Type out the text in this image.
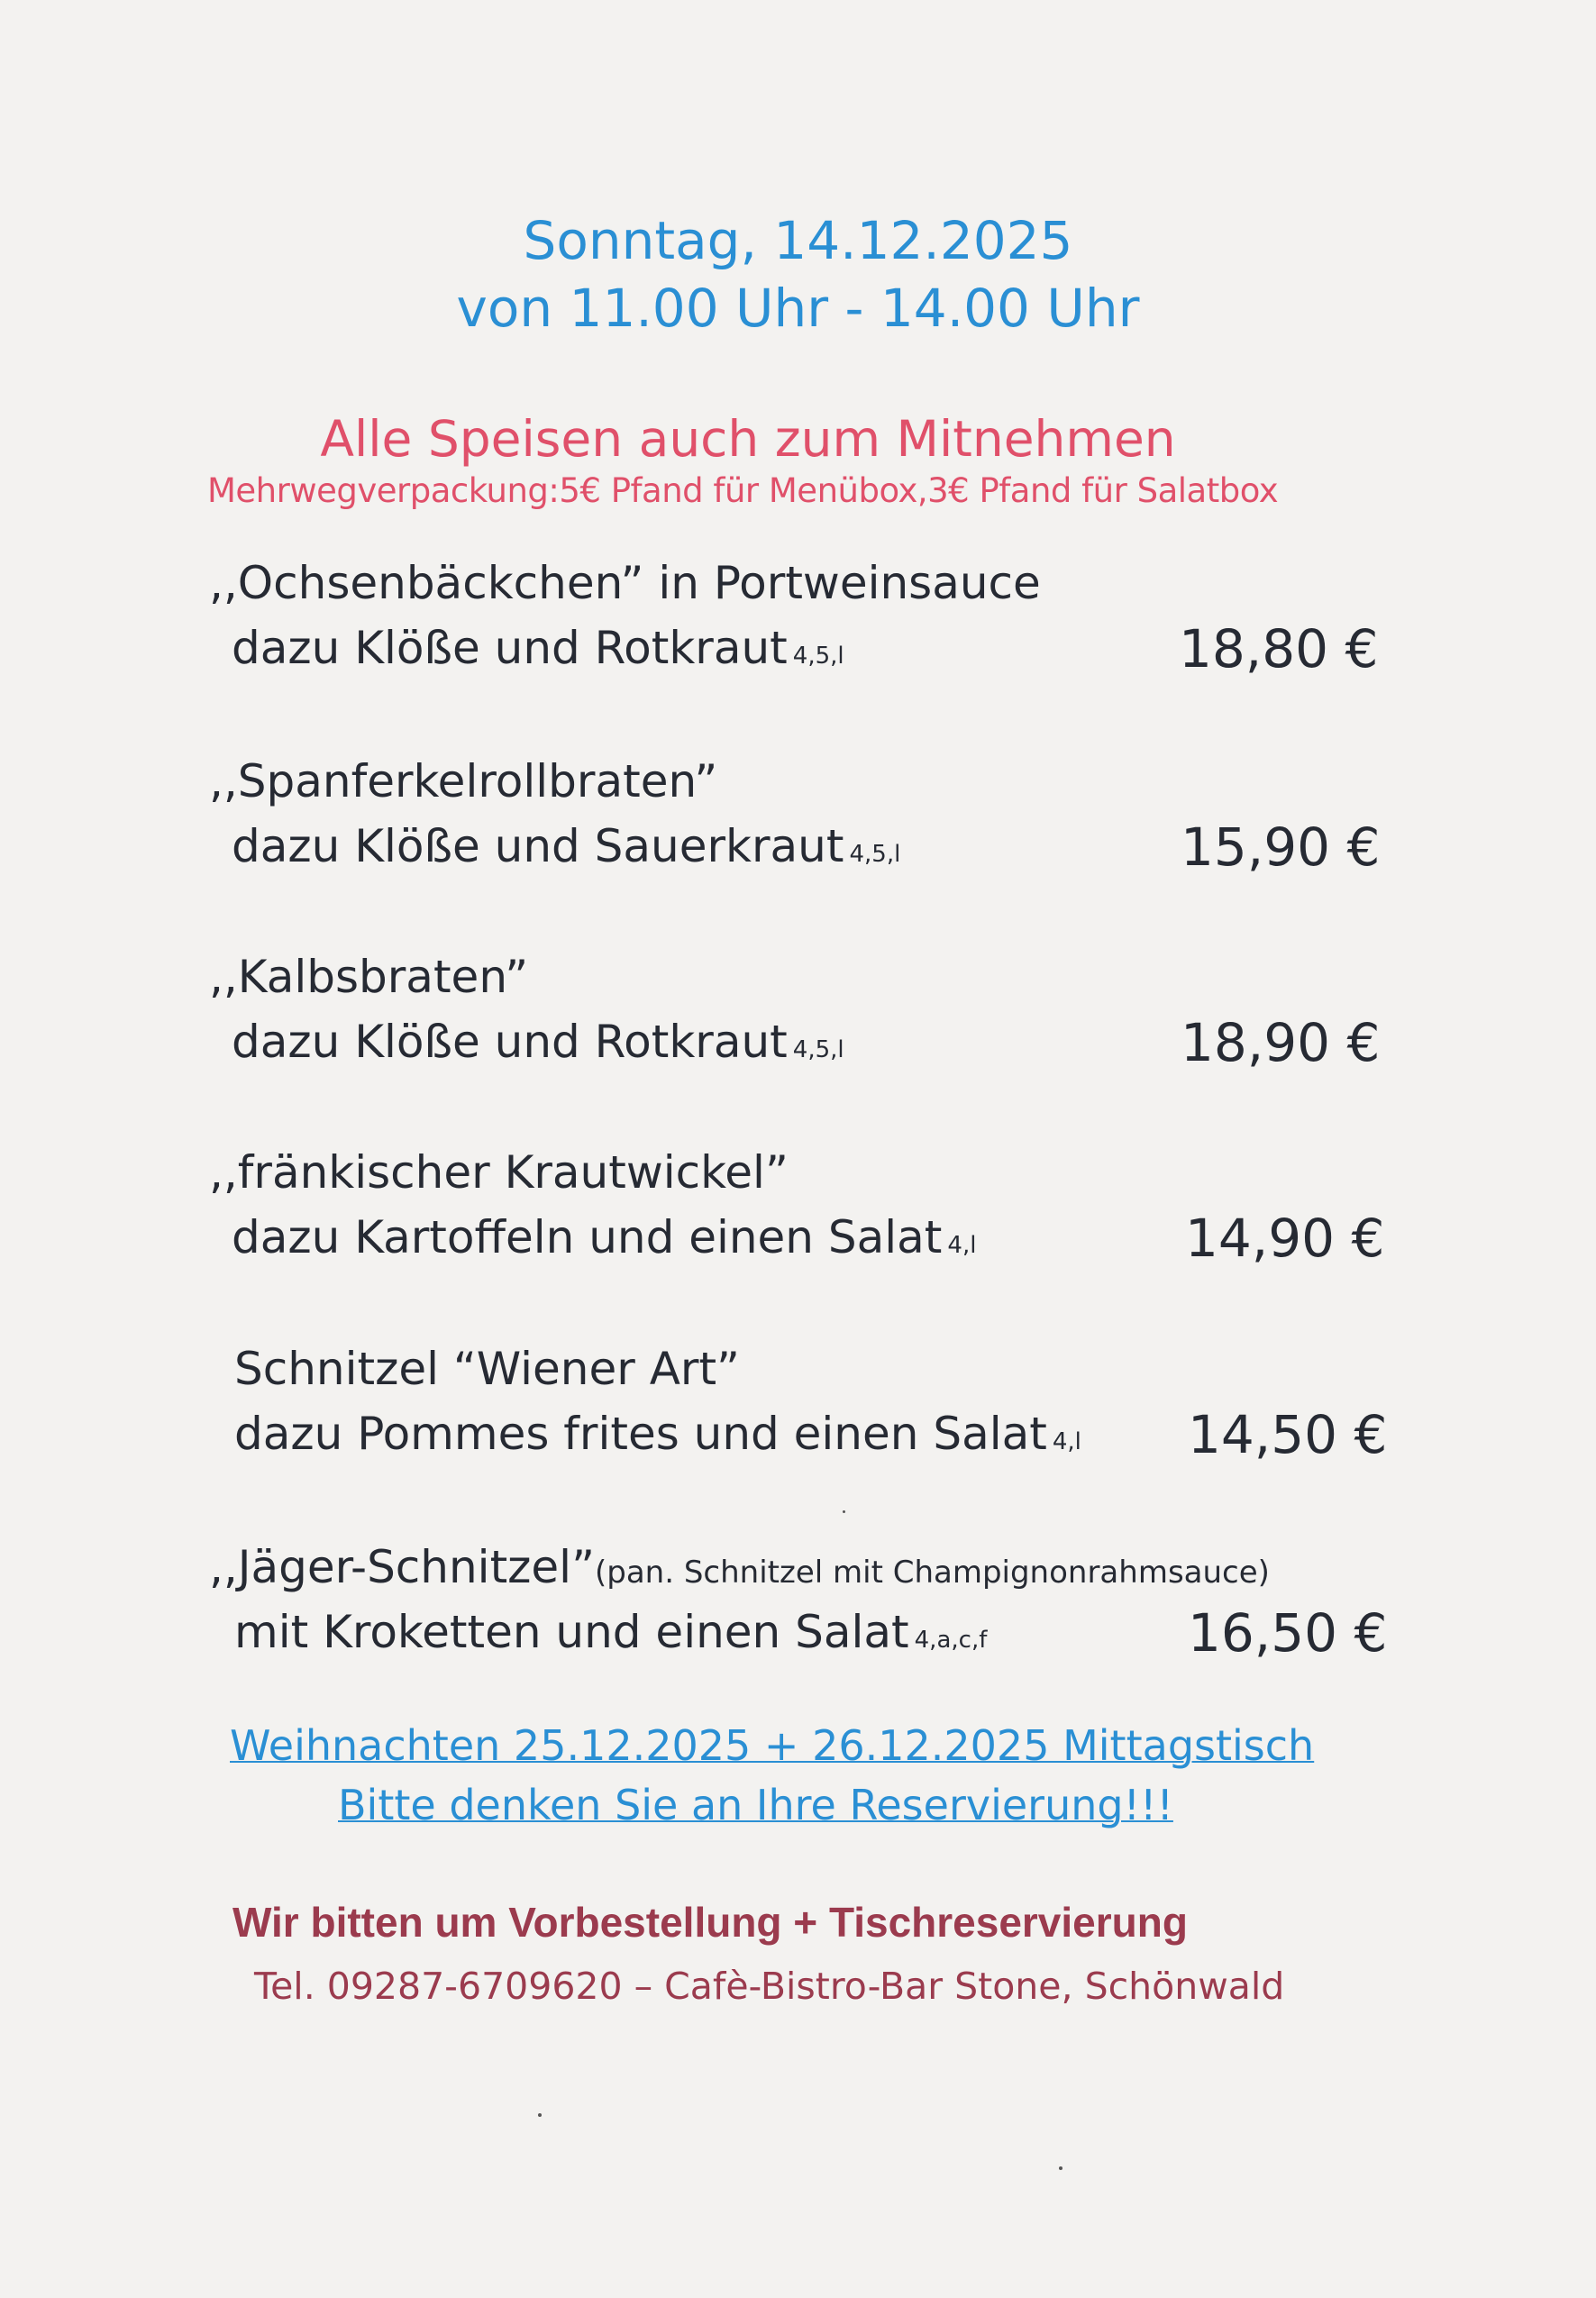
Sonntag, 14.12.2025
von 11.00 Uhr - 14.00 Uhr
Alle Speisen auch zum Mitnehmen
Mehrwegverpackung:5€ Pfand für Menübox,3€ Pfand für Salatbox
,,Ochsenbäckchen” in Portweinsauce
dazu Klöße und Rotkraut 4,5,l	18,80 €
,,Spanferkelrollbraten”
dazu Klöße und Sauerkraut 4,5,l	15,90 €
,,Kalbsbraten”
dazu Klöße und Rotkraut 4,5,l	18,90 €
,,fränkischer Krautwickel”
dazu Kartoffeln und einen Salat 4,l	14,90 €
Schnitzel “Wiener Art”
dazu Pommes frites und einen Salat 4,l 14,50 €
,,Jäger-Schnitzel”(pan. Schnitzel mit Champignonrahmsauce)
mit Kroketten und einen Salat 4,a,c,f	16,50 €
Weihnachten 25.12.2025 + 26.12.2025 Mittagstisch
Bitte denken Sie an Ihre Reservierung!!!
Wir bitten um Vorbestellung + Tischreservierung
Tel. 09287-6709620 – Cafè-Bistro-Bar Stone, Schönwald
